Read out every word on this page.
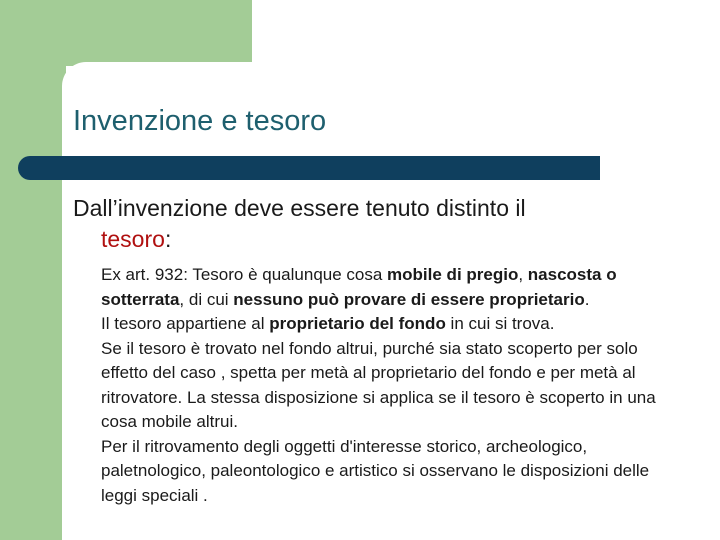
Invenzione e tesoro
Dall’invenzione deve essere tenuto distinto il
tesoro:

Ex art. 932: Tesoro è qualunque cosa mobile di pregio, nascosta o sotterrata, di cui nessuno può provare di essere proprietario.

Il tesoro appartiene al proprietario del fondo in cui si trova.

Se il tesoro è trovato nel fondo altrui, purché sia stato scoperto per solo effetto del caso , spetta per metà al proprietario del fondo e per metà al ritrovatore. La stessa disposizione si applica se il tesoro è scoperto in una cosa mobile altrui.

Per il ritrovamento degli oggetti d'interesse storico, archeologico, paletnologico, paleontologico e artistico si osservano le disposizioni delle leggi speciali .
